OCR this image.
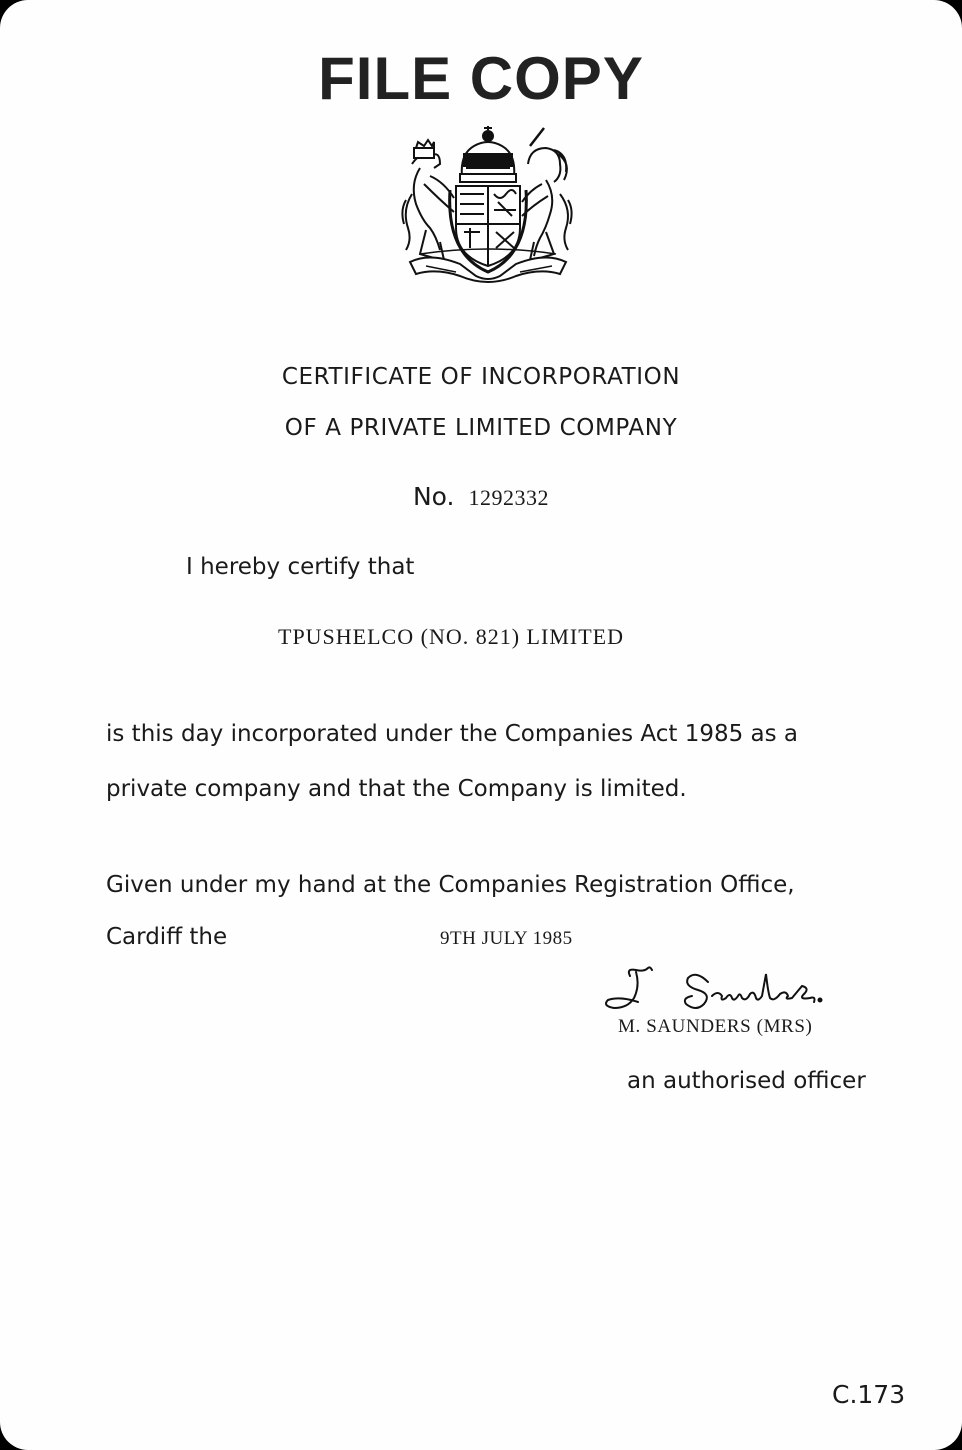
FILE COPY
CERTIFICATE OF INCORPORATION
OF A PRIVATE LIMITED COMPANY
No. 1292332
I hereby certify that
TPUSHELCO (NO. 821) LIMITED
is this day incorporated under the Companies Act 1985 as a
private company and that the Company is limited.
Given under my hand at the Companies Registration Office,
Cardiff the	9TH JULY 1985
M. SAUNDERS (MRS)
an authorised officer
C.173
